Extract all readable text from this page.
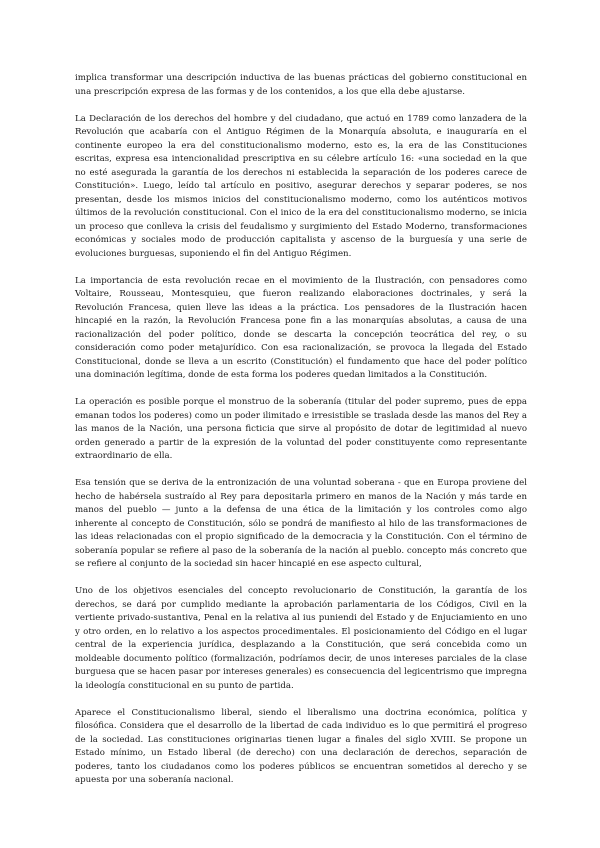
implica transformar una descripción inductiva de las buenas prácticas del gobierno constitucional en una prescripción expresa de las formas y de los contenidos, a los que ella debe ajustarse.

La Declaración de los derechos del hombre y del ciudadano, que actuó en 1789 como lanzadera de la Revolución que acabaría con el Antiguo Régimen de la Monarquía absoluta, e inauguraría en el continente europeo la era del constitucionalismo moderno, esto es, la era de las Constituciones escritas, expresa esa intencionalidad prescriptiva en su célebre artículo 16: «una sociedad en la que no esté asegurada la garantía de los derechos ni establecida la separación de los poderes carece de Constitución». Luego, leído tal artículo en positivo, asegurar derechos y separar poderes, se nos presentan, desde los mismos inicios del constitucionalismo moderno, como los auténticos motivos últimos de la revolución constitucional. Con el inico de la era del constitucionalismo moderno, se inicia un proceso que conlleva la crisis del feudalismo y surgimiento del Estado Moderno, transformaciones económicas y sociales modo de producción capitalista y ascenso de la burguesía y una serie de evoluciones burguesas, suponiendo el fin del Antiguo Régimen.

La importancia de esta revolución recae en el movimiento de la Ilustración, con pensadores como Voltaire, Rousseau, Montesquieu, que fueron realizando elaboraciones doctrinales, y será la Revolución Francesa, quien lleve las ideas a la práctica. Los pensadores de la Ilustración hacen hincapié en la razón, la Revolución Francesa pone fin a las monarquías absolutas, a causa de una racionalización del poder político, donde se descarta la concepción teocrática del rey, o su consideración como poder metajurídico. Con esa racionalización, se provoca la llegada del Estado Constitucional, donde se lleva a un escrito (Constitución) el fundamento que hace del poder político una dominación legítima, donde de esta forma los poderes quedan limitados a la Constitución.

La operación es posible porque el monstruo de la soberanía (titular del poder supremo, pues de eppa emanan todos los poderes) como un poder ilimitado e irresistible se traslada desde las manos del Rey a las manos de la Nación, una persona ficticia que sirve al propósito de dotar de legitimidad al nuevo orden generado a partir de la expresión de la voluntad del poder constituyente como representante extraordinario de ella.

Esa tensión que se deriva de la entronización de una voluntad soberana - que en Europa proviene del hecho de habérsela sustraído al Rey para depositarla primero en manos de la Nación y más tarde en manos del pueblo — junto a la defensa de una ética de la limitación y los controles como algo inherente al concepto de Constitución, sólo se pondrá de manifiesto al hilo de las transformaciones de las ideas relacionadas con el propio significado de la democracia y la Constitución. Con el término de soberanía popular se refiere al paso de la soberanía de la nación al pueblo. concepto más concreto que se refiere al conjunto de la sociedad sin hacer hincapié en ese aspecto cultural,

Uno de los objetivos esenciales del concepto revolucionario de Constitución, la garantía de los derechos, se dará por cumplido mediante la aprobación parlamentaria de los Códigos, Civil en la vertiente privado-sustantiva, Penal en la relativa al ius puniendi del Estado y de Enjuciamiento en uno y otro orden, en lo relativo a los aspectos procedimentales. El posicionamiento del Código en el lugar central de la experiencia jurídica, desplazando a la Constitución, que será concebida como un moldeable documento político (formalización, podríamos decir, de unos intereses parciales de la clase burguesa que se hacen pasar por intereses generales) es consecuencia del legicentrismo que impregna la ideología constitucional en su punto de partida.

Aparece el Constitucionalismo liberal, siendo el liberalismo una doctrina económica, política y filosófica. Considera que el desarrollo de la libertad de cada individuo es lo que permitirá el progreso de la sociedad. Las constituciones originarias tienen lugar a finales del siglo XVIII. Se propone un Estado mínimo, un Estado liberal (de derecho) con una declaración de derechos, separación de poderes, tanto los ciudadanos como los poderes públicos se encuentran sometidos al derecho y se apuesta por una soberanía nacional.
